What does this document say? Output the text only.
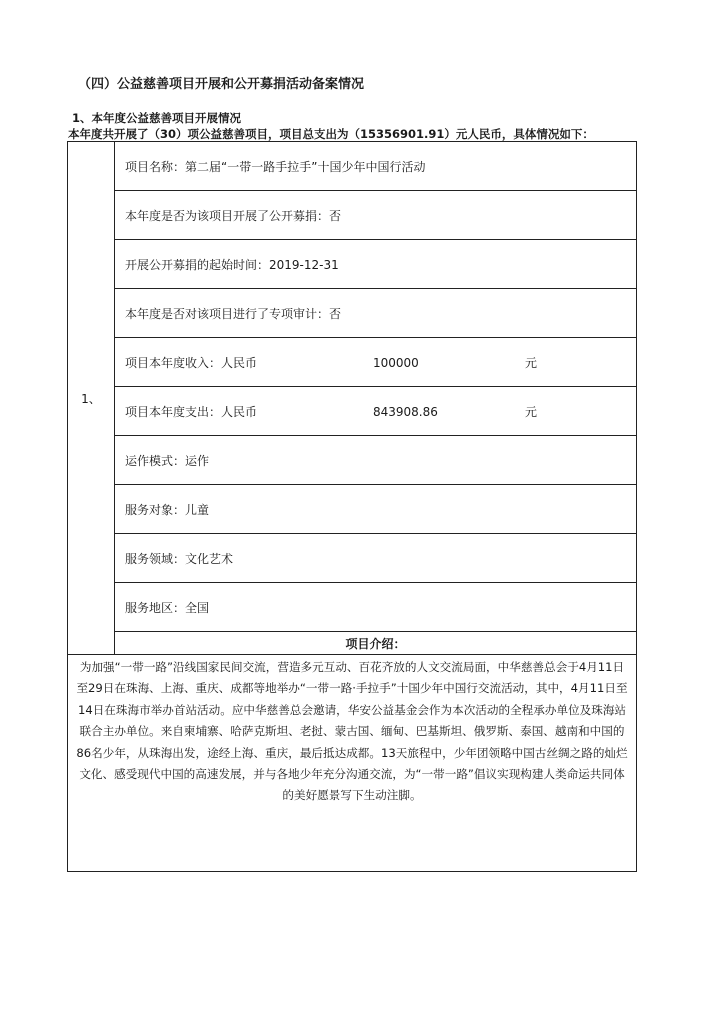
（四）公益慈善项目开展和公开募捐活动备案情况
1、本年度公益慈善项目开展情况
本年度共开展了（30）项公益慈善项目，项目总支出为（15356901.91）元人民币，具体情况如下：
1、	项目名称：第二届“一带一路手拉手”十国少年中国行活动
本年度是否为该项目开展了公开募捐：否
开展公开募捐的起始时间：2019-12-31
本年度是否对该项目进行了专项审计：否
项目本年度收入：人民币	100000	元
项目本年度支出：人民币	843908.86	元
运作模式：运作
服务对象：儿童
服务领域：文化艺术
服务地区：全国
项目介绍：

为加强“一带一路”沿线国家民间交流，营造多元互动、百花齐放的人文交流局面，中华慈善总会于4月11日至29日在珠海、上海、重庆、成都等地举办“一带一路·手拉手”十国少年中国行交流活动，其中，4月11日至14日在珠海市举办首站活动。应中华慈善总会邀请，华安公益基金会作为本次活动的全程承办单位及珠海站联合主办单位。来自柬埔寨、哈萨克斯坦、老挝、蒙古国、缅甸、巴基斯坦、俄罗斯、泰国、越南和中国的86名少年，从珠海出发，途经上海、重庆，最后抵达成都。13天旅程中，少年团领略中国古丝绸之路的灿烂文化、感受现代中国的高速发展，并与各地少年充分沟通交流，为“一带一路”倡议实现构建人类命运共同体的美好愿景写下生动注脚。
